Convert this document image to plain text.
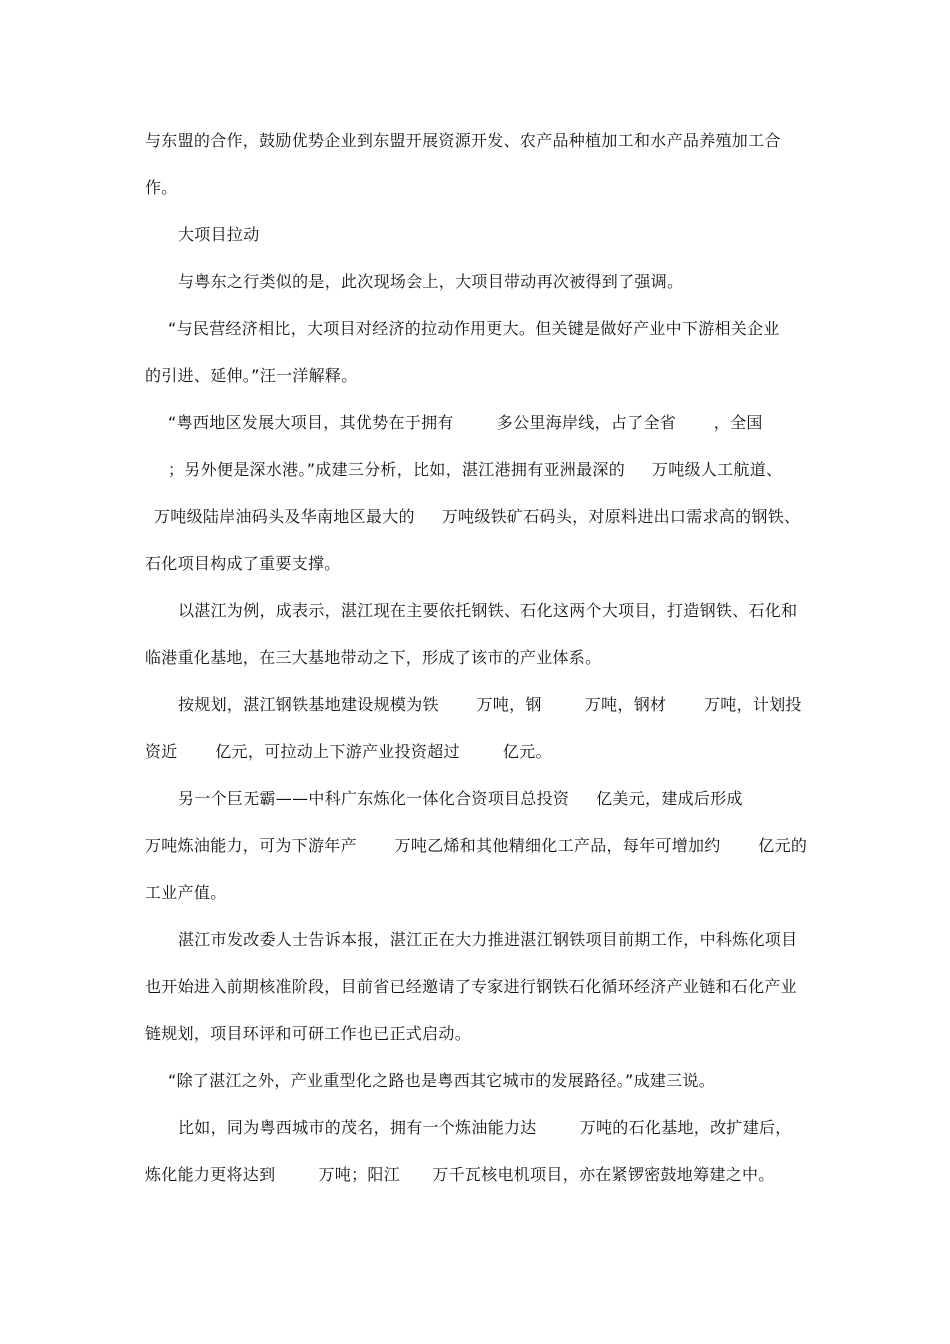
与东盟的合作，鼓励优势企业到东盟开展资源开发、农产品种植加工和水产品养殖加工合
作。
大项目拉动
与粤东之行类似的是，此次现场会上，大项目带动再次被得到了强调。
“与民营经济相比，大项目对经济的拉动作用更大。但关键是做好产业中下游相关企业
的引进、延伸。”汪一洋解释。
“粤西地区发展大项目，其优势在于拥有        多公里海岸线，占了全省       ，全国
；另外便是深水港。”成建三分析，比如，湛江港拥有亚洲最深的     万吨级人工航道、
万吨级陆岸油码头及华南地区最大的     万吨级铁矿石码头，对原料进出口需求高的钢铁、
石化项目构成了重要支撑。
以湛江为例，成表示，湛江现在主要依托钢铁、石化这两个大项目，打造钢铁、石化和
临港重化基地，在三大基地带动之下，形成了该市的产业体系。
按规划，湛江钢铁基地建设规模为铁       万吨，钢        万吨，钢材       万吨，计划投
资近       亿元，可拉动上下游产业投资超过        亿元。
另一个巨无霸——中科广东炼化一体化合资项目总投资     亿美元，建成后形成
万吨炼油能力，可为下游年产       万吨乙烯和其他精细化工产品，每年可增加约       亿元的
工业产值。
湛江市发改委人士告诉本报，湛江正在大力推进湛江钢铁项目前期工作，中科炼化项目
也开始进入前期核准阶段，目前省已经邀请了专家进行钢铁石化循环经济产业链和石化产业
链规划，项目环评和可研工作也已正式启动。
“除了湛江之外，产业重型化之路也是粤西其它城市的发展路径。”成建三说。
比如，同为粤西城市的茂名，拥有一个炼油能力达        万吨的石化基地，改扩建后，
炼化能力更将达到        万吨；阳江      万千瓦核电机项目，亦在紧锣密鼓地筹建之中。
